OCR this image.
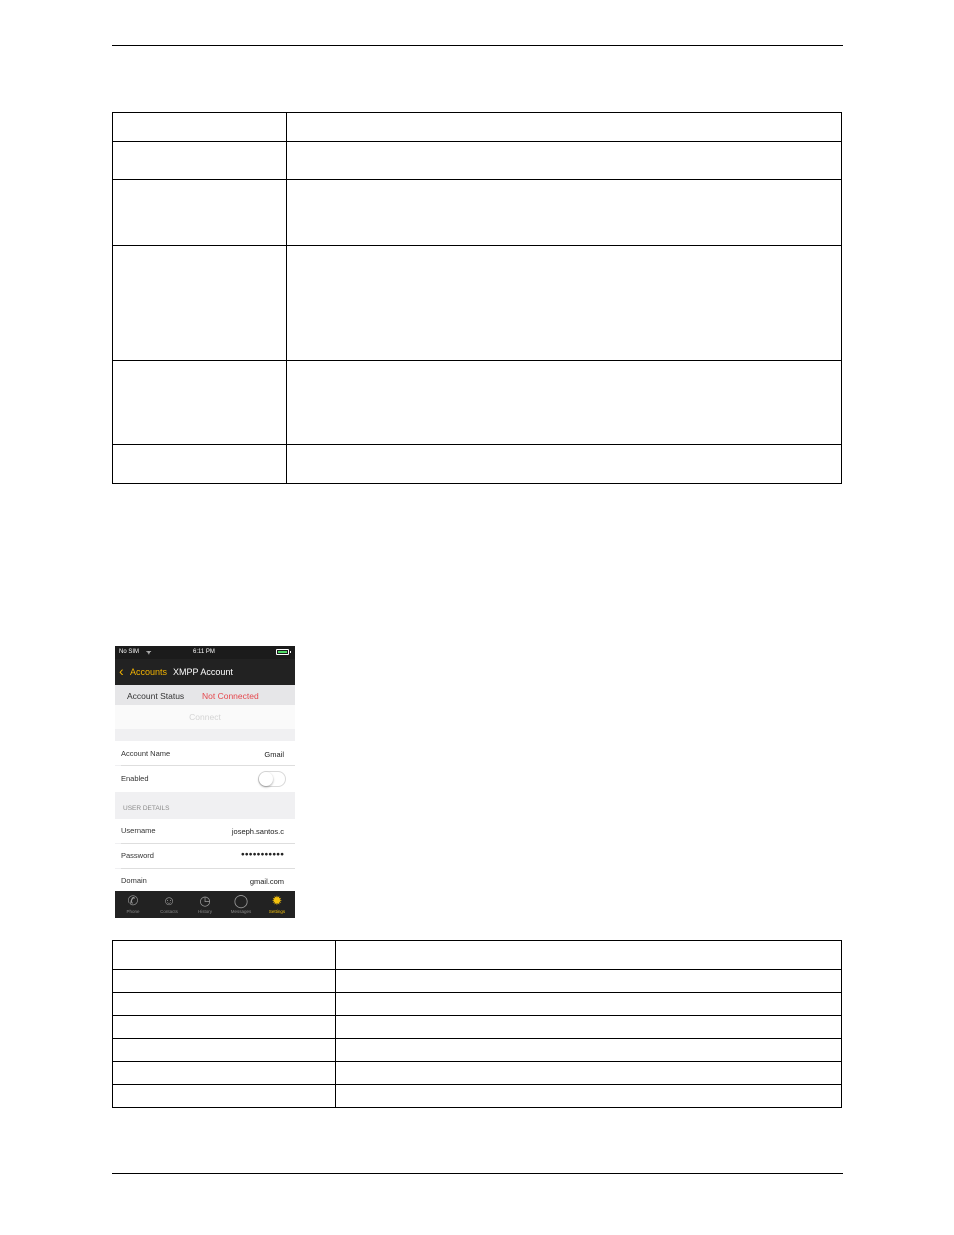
No SIM ᯤ	6:11 PM
‹ Accounts XMPP Account
Account Status Not Connected
Connect
Account Name	Gmail
Enabled
USER DETAILS
Username	joseph.santos.c
Password	●●●●●●●●●●●
Domain	gmail.com
✆
Phone
☺
Contacts
◷
History
◯
Messages
✹
Settings
